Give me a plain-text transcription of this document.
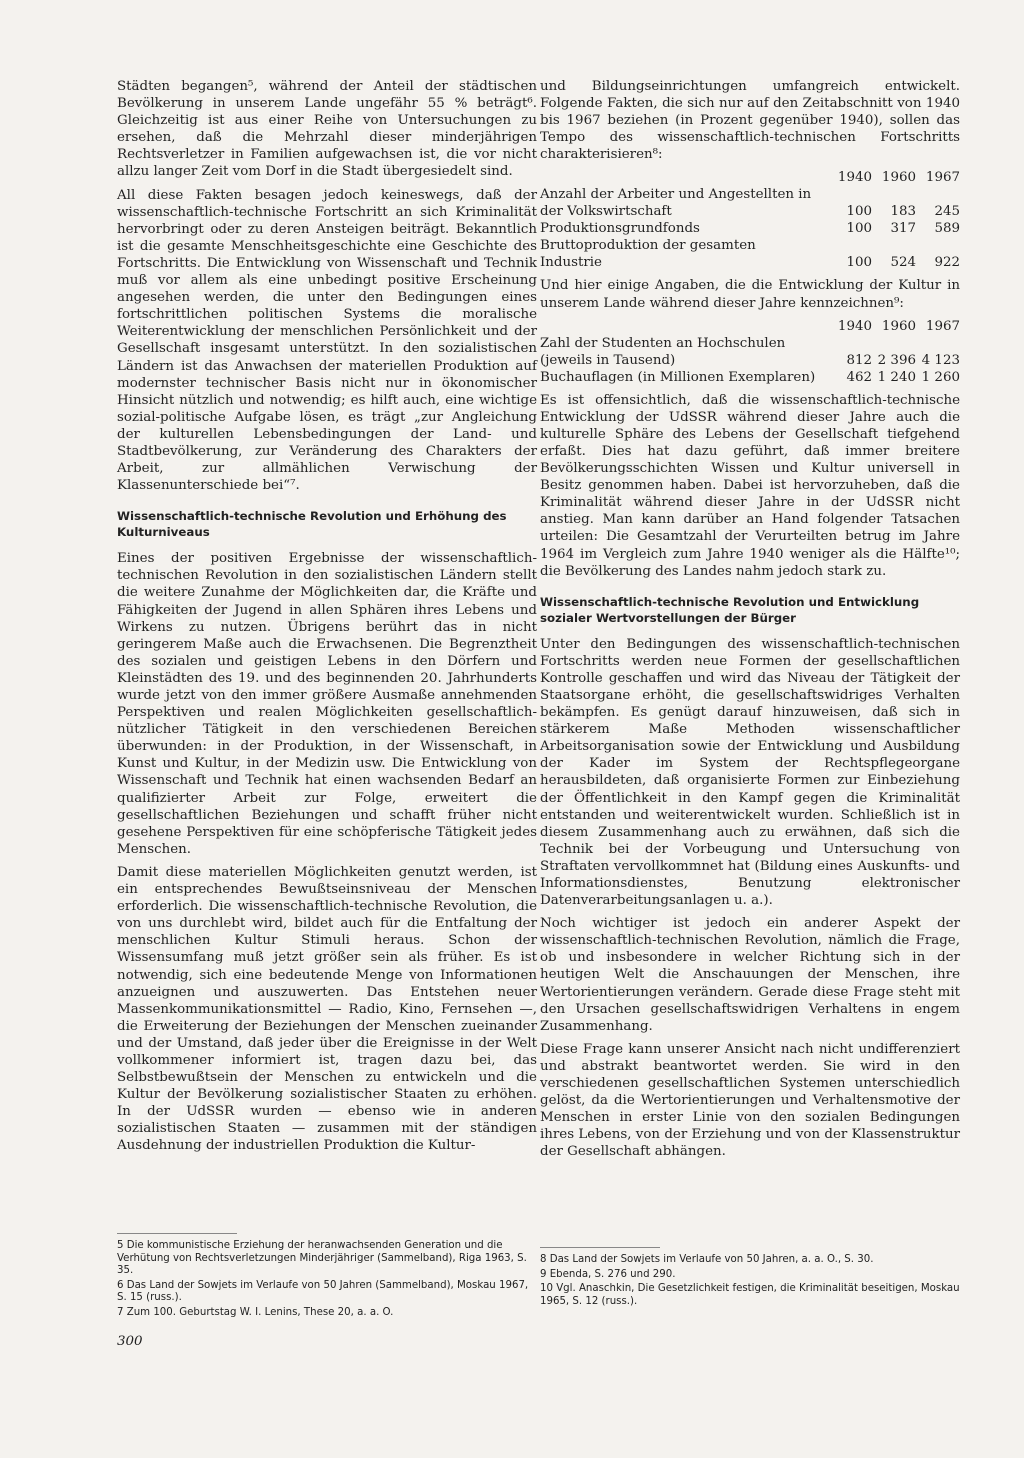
Städten begangen⁵, während der Anteil der städtischen Bevölkerung in unserem Lande ungefähr 55 % beträgt⁶. Gleichzeitig ist aus einer Reihe von Untersuchungen zu ersehen, daß die Mehrzahl dieser minderjährigen Rechtsverletzer in Familien aufgewachsen ist, die vor nicht allzu langer Zeit vom Dorf in die Stadt übergesiedelt sind.

All diese Fakten besagen jedoch keineswegs, daß der wissenschaftlich-technische Fortschritt an sich Kriminalität hervorbringt oder zu deren Ansteigen beiträgt. Bekanntlich ist die gesamte Menschheitsgeschichte eine Geschichte des Fortschritts. Die Entwicklung von Wissenschaft und Technik muß vor allem als eine unbedingt positive Erscheinung angesehen werden, die unter den Bedingungen eines fortschrittlichen politischen Systems die moralische Weiterentwicklung der menschlichen Persönlichkeit und der Gesellschaft insgesamt unterstützt. In den sozialistischen Ländern ist das Anwachsen der materiellen Produktion auf modernster technischer Basis nicht nur in ökonomischer Hinsicht nützlich und notwendig; es hilft auch, eine wichtige sozial-politische Aufgabe lösen, es trägt „zur Angleichung der kulturellen Lebensbedingungen der Land- und Stadtbevölkerung, zur Veränderung des Charakters der Arbeit, zur allmählichen Verwischung der Klassenunterschiede bei“⁷.

Wissenschaftlich-technische Revolution und Erhöhung des Kulturniveaus

Eines der positiven Ergebnisse der wissenschaftlich-technischen Revolution in den sozialistischen Ländern stellt die weitere Zunahme der Möglichkeiten dar, die Kräfte und Fähigkeiten der Jugend in allen Sphären ihres Lebens und Wirkens zu nutzen. Übrigens berührt das in nicht geringerem Maße auch die Erwachsenen. Die Begrenztheit des sozialen und geistigen Lebens in den Dörfern und Kleinstädten des 19. und des beginnenden 20. Jahrhunderts wurde jetzt von den immer größere Ausmaße annehmenden Perspektiven und realen Möglichkeiten gesellschaftlich-nützlicher Tätigkeit in den verschiedenen Bereichen überwunden: in der Produktion, in der Wissenschaft, in Kunst und Kultur, in der Medizin usw. Die Entwicklung von Wissenschaft und Technik hat einen wachsenden Bedarf an qualifizierter Arbeit zur Folge, erweitert die gesellschaftlichen Beziehungen und schafft früher nicht gesehene Perspektiven für eine schöpferische Tätigkeit jedes Menschen.

Damit diese materiellen Möglichkeiten genutzt werden, ist ein entsprechendes Bewußtseinsniveau der Menschen erforderlich. Die wissenschaftlich-technische Revolution, die von uns durchlebt wird, bildet auch für die Entfaltung der menschlichen Kultur Stimuli heraus. Schon der Wissensumfang muß jetzt größer sein als früher. Es ist notwendig, sich eine bedeutende Menge von Informationen anzueignen und auszuwerten. Das Entstehen neuer Massenkommunikationsmittel — Radio, Kino, Fernsehen —, die Erweiterung der Beziehungen der Menschen zueinander und der Umstand, daß jeder über die Ereignisse in der Welt vollkommener informiert ist, tragen dazu bei, das Selbstbewußtsein der Menschen zu entwickeln und die Kultur der Bevölkerung sozialistischer Staaten zu erhöhen. In der UdSSR wurden — ebenso wie in anderen sozialistischen Staaten — zusammen mit der ständigen Ausdehnung der industriellen Produktion die Kultur-

und Bildungseinrichtungen umfangreich entwickelt. Folgende Fakten, die sich nur auf den Zeitabschnitt von 1940 bis 1967 beziehen (in Prozent gegenüber 1940), sollen das Tempo des wissenschaftlich-technischen Fortschritts charakterisieren⁸:

	1940	1960	1967
Anzahl der Arbeiter und Angestellten in der Volkswirtschaft	100	183	245
Produktionsgrundfonds	100	317	589
Bruttoproduktion der gesamten Industrie	100	524	922

Und hier einige Angaben, die die Entwicklung der Kultur in unserem Lande während dieser Jahre kennzeichnen⁹:

	1940	1960	1967
Zahl der Studenten an Hochschulen (jeweils in Tausend)	812	2 396	4 123
Buchauflagen (in Millionen Exemplaren)	462	1 240	1 260

Es ist offensichtlich, daß die wissenschaftlich-technische Entwicklung der UdSSR während dieser Jahre auch die kulturelle Sphäre des Lebens der Gesellschaft tiefgehend erfaßt. Dies hat dazu geführt, daß immer breitere Bevölkerungsschichten Wissen und Kultur universell in Besitz genommen haben. Dabei ist hervorzuheben, daß die Kriminalität während dieser Jahre in der UdSSR nicht anstieg. Man kann darüber an Hand folgender Tatsachen urteilen: Die Gesamtzahl der Verurteilten betrug im Jahre 1964 im Vergleich zum Jahre 1940 weniger als die Hälfte¹⁰; die Bevölkerung des Landes nahm jedoch stark zu.

Wissenschaftlich-technische Revolution und Entwicklung sozialer Wertvorstellungen der Bürger

Unter den Bedingungen des wissenschaftlich-technischen Fortschritts werden neue Formen der gesellschaftlichen Kontrolle geschaffen und wird das Niveau der Tätigkeit der Staatsorgane erhöht, die gesellschaftswidriges Verhalten bekämpfen. Es genügt darauf hinzuweisen, daß sich in stärkerem Maße Methoden wissenschaftlicher Arbeitsorganisation sowie der Entwicklung und Ausbildung der Kader im System der Rechtspflegeorgane herausbildeten, daß organisierte Formen zur Einbeziehung der Öffentlichkeit in den Kampf gegen die Kriminalität entstanden und weiterentwickelt wurden. Schließlich ist in diesem Zusammenhang auch zu erwähnen, daß sich die Technik bei der Vorbeugung und Untersuchung von Straftaten vervollkommnet hat (Bildung eines Auskunfts- und Informationsdienstes, Benutzung elektronischer Datenverarbeitungsanlagen u. a.).

Noch wichtiger ist jedoch ein anderer Aspekt der wissenschaftlich-technischen Revolution, nämlich die Frage, ob und insbesondere in welcher Richtung sich in der heutigen Welt die Anschauungen der Menschen, ihre Wertorientierungen verändern. Gerade diese Frage steht mit den Ursachen gesellschaftswidrigen Verhaltens in engem Zusammenhang.

Diese Frage kann unserer Ansicht nach nicht undifferenziert und abstrakt beantwortet werden. Sie wird in den verschiedenen gesellschaftlichen Systemen unterschiedlich gelöst, da die Wertorientierungen und Verhaltensmotive der Menschen in erster Linie von den sozialen Bedingungen ihres Lebens, von der Erziehung und von der Klassenstruktur der Gesellschaft abhängen.

5 Die kommunistische Erziehung der heranwachsenden Generation und die Verhütung von Rechtsverletzungen Minderjähriger (Sammelband), Riga 1963, S. 35.

6 Das Land der Sowjets im Verlaufe von 50 Jahren (Sammelband), Moskau 1967, S. 15 (russ.).

7 Zum 100. Geburtstag W. I. Lenins, These 20, a. a. O.

8 Das Land der Sowjets im Verlaufe von 50 Jahren, a. a. O., S. 30.

9 Ebenda, S. 276 und 290.

10 Vgl. Anaschkin, Die Gesetzlichkeit festigen, die Kriminalität beseitigen, Moskau 1965, S. 12 (russ.).

300
